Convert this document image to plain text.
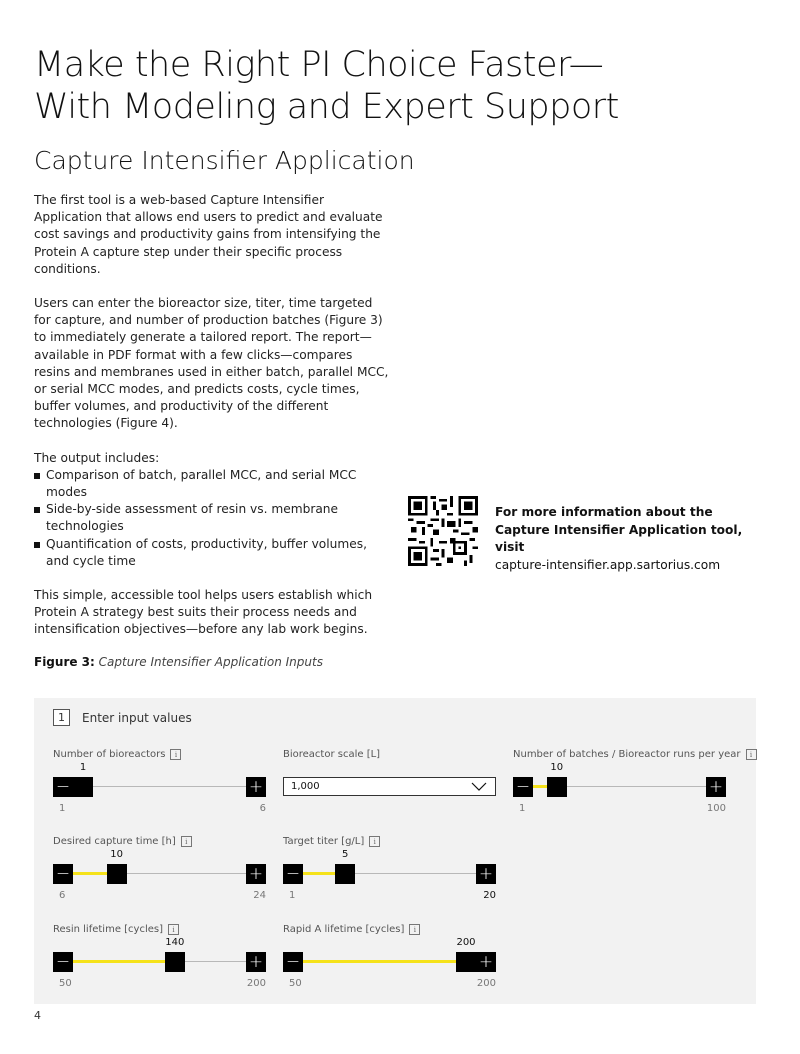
Make the Right PI Choice Faster—
With Modeling and Expert Support
Capture Intensifier Application

The first tool is a web-based Capture Intensifier Application that allows end users to predict and evaluate cost savings and productivity gains from intensifying the Protein A capture step under their specific process conditions.

Users can enter the bioreactor size, titer, time targeted for capture, and number of production batches (Figure 3) to immediately generate a tailored report. The report—available in PDF format with a few clicks—compares resins and membranes used in either batch, parallel MCC, or serial MCC modes, and predicts costs, cycle times, buffer volumes, and productivity of the different technologies (Figure 4).

The output includes:
Comparison of batch, parallel MCC, and serial MCC modes
Side-by-side assessment of resin vs. membrane technologies
Quantification of costs, productivity, buffer volumes, and cycle time

This simple, accessible tool helps users establish which Protein A strategy best suits their process needs and intensification objectives—before any lab work begins.

For more information about the
Capture Intensifier Application tool, visit
capture-intensifier.app.sartorius.com
Figure 3: Capture Intensifier Application Inputs
1	Enter input values
Number of bioreactors	i
−
1
+
1	6
Bioreactor scale [L]
1,000
Number of batches / Bioreactor runs per year	i
−
10
+
1	100
Desired capture time [h]	i
−
10
+
6	24
Target titer [g/L]	i
−
5
+
1	20
Resin lifetime [cycles]	i
−
140
+
50	200
Rapid A lifetime [cycles]	i
−
200
+
50	200
4
